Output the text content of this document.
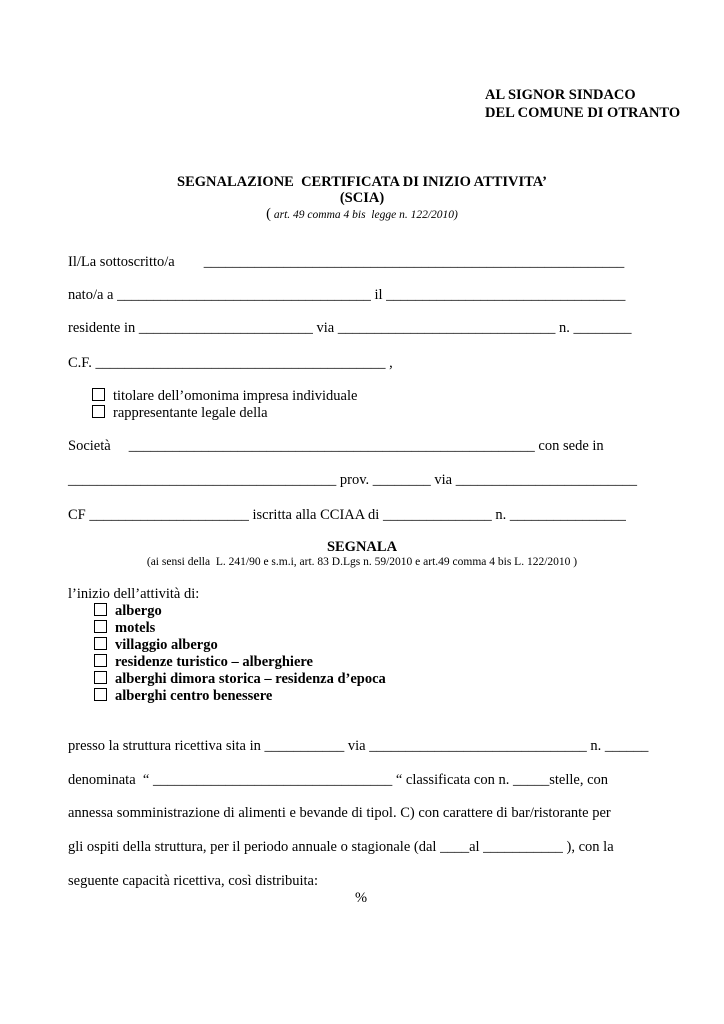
AL SIGNOR SINDACO
DEL COMUNE DI OTRANTO
SEGNALAZIONE  CERTIFICATA DI INIZIO ATTIVITA’
(SCIA)
( art. 49 comma 4 bis  legge n. 122/2010)
Il/La sottoscritto/a        __________________________________________________________
nato/a a ___________________________________ il _________________________________
residente in ________________________ via ______________________________ n. ________
C.F. ________________________________________ ,
titolare dell’omonima impresa individuale
rappresentante legale della
Società     ________________________________________________________ con sede in
_____________________________________ prov. ________ via _________________________
CF ______________________ iscritta alla CCIAA di _______________ n. ________________
SEGNALA
(ai sensi della  L. 241/90 e s.m.i, art. 83 D.Lgs n. 59/2010 e art.49 comma 4 bis L. 122/2010 )
l’inizio dell’attività di:
albergo
motels
villaggio albergo
residenze turistico – alberghiere
alberghi dimora storica – residenza d’epoca
alberghi centro benessere
presso la struttura ricettiva sita in ___________ via ______________________________ n. ______
denominata  “ _________________________________ “ classificata con n. _____stelle, con
annessa somministrazione di alimenti e bevande di tipol. C) con carattere di bar/ristorante per
gli ospiti della struttura, per il periodo annuale o stagionale (dal ____al ___________ ), con la
seguente capacità ricettiva, così distribuita:
%
